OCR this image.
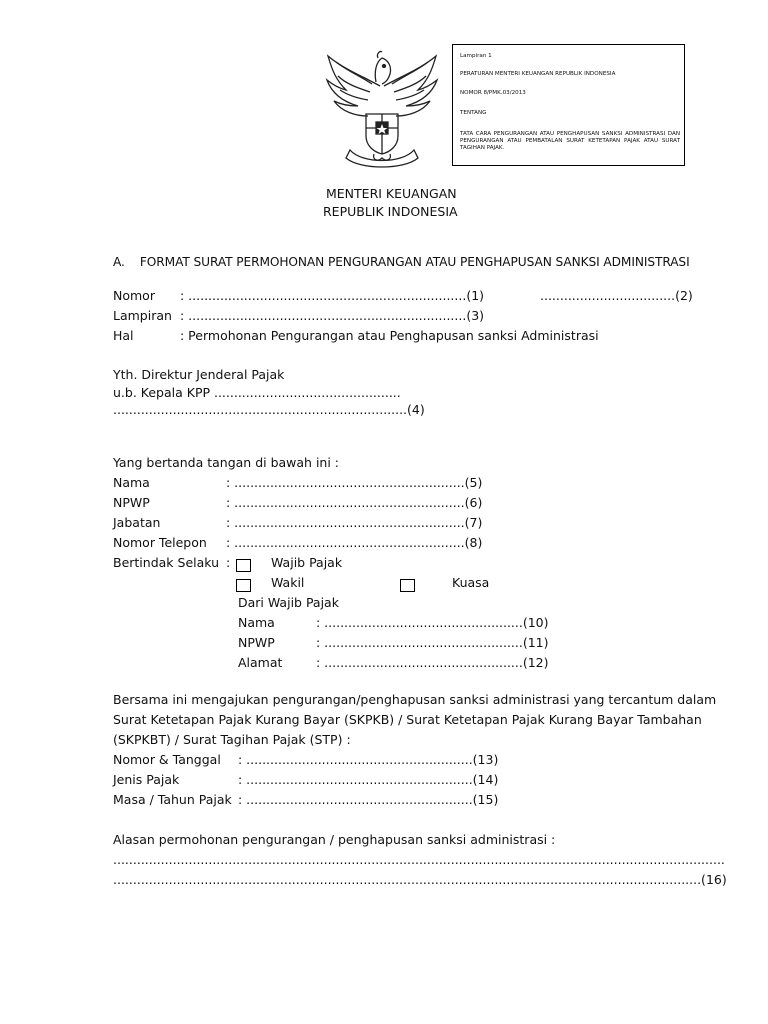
Lampiran 1
PERATURAN MENTERI KEUANGAN REPUBLIK INDONESIA
NOMOR 8/PMK.03/2013
TENTANG
TATA CARA PENGURANGAN ATAU PENGHAPUSAN SANKSI ADMINISTRASI DAN PENGURANGAN ATAU PEMBATALAN SURAT KETETAPAN PAJAK ATAU SURAT TAGIHAN PAJAK.
MENTERI KEUANGAN
REPUBLIK INDONESIA
A.    FORMAT SURAT PERMOHONAN PENGURANGAN ATAU PENGHAPUSAN SANKSI ADMINISTRASI
Nomor : ......................................................................(1)	..................................(2)
Lampiran : ......................................................................(3)
Hal	: Permohonan Pengurangan atau Penghapusan sanksi Administrasi
Yth. Direktur Jenderal Pajak
u.b. Kepala KPP ...............................................
..........................................................................(4)
Yang bertanda tangan di bawah ini :
Nama	: ..........................................................(5)
NPWP	: ..........................................................(6)
Jabatan	: ..........................................................(7)
Nomor Telepon : ..........................................................(8)
Bertindak Selaku :	Wajib Pajak
Wakil	Kuasa
Dari Wajib Pajak
Nama	: ..................................................(10)
NPWP	: ..................................................(11)
Alamat	: ..................................................(12)
Bersama ini mengajukan pengurangan/penghapusan sanksi administrasi yang tercantum dalam
Surat Ketetapan Pajak Kurang Bayar (SKPKB) / Surat Ketetapan Pajak Kurang Bayar Tambahan
(SKPKBT) / Surat Tagihan Pajak (STP) :
Nomor & Tanggal : .........................................................(13)
Jenis Pajak	: .........................................................(14)
Masa / Tahun Pajak : .........................................................(15)
Alasan permohonan pengurangan / penghapusan sanksi administrasi :
..........................................................................................................................................................
....................................................................................................................................................(16)
